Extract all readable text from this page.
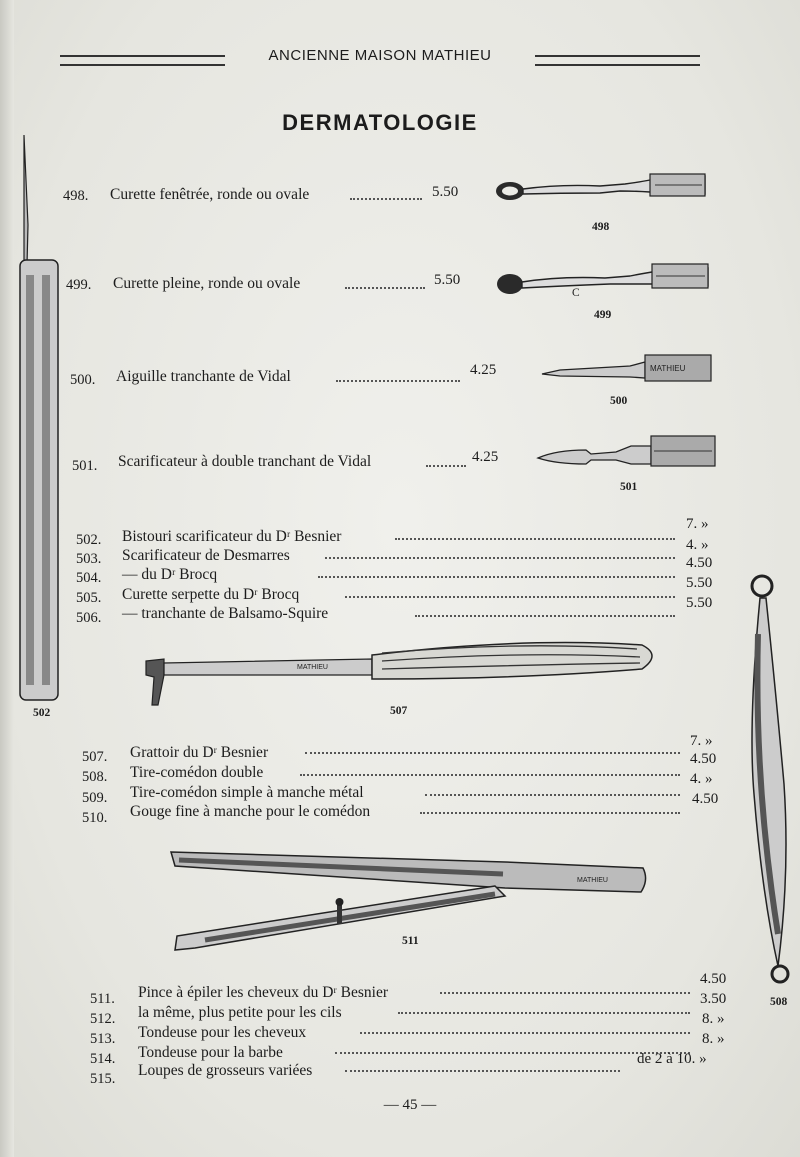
ANCIENNE MAISON MATHIEU
DERMATOLOGIE
498. Curette fenêtrée, ronde ou ovale	5.50
499. Curette pleine, ronde ou ovale	5.50
500. Aiguille tranchante de Vidal	4.25
501. Scarificateur à double tranchant de Vidal	4.25
498
C
499
MATHIEU
500
501
502
502. Bistouri scarificateur du Dʳ Besnier
7. »
503. Scarificateur de Desmarres
4. »
504. — du Dʳ Brocq
4.50
505. Curette serpette du Dʳ Brocq
5.50
506. — tranchante de Balsamo-Squire
5.50
MATHIEU
507
508
507. Grattoir du Dʳ Besnier
7. »
508. Tire-comédon double
4.50
509. Tire-comédon simple à manche métal
4. »
510. Gouge fine à manche pour le comédon
4.50
MATHIEU
511
511. Pince à épiler les cheveux du Dʳ Besnier
4.50
512. la même, plus petite pour les cils
3.50
513. Tondeuse pour les cheveux
8. »
514. Tondeuse pour la barbe
8. »
515. Loupes de grosseurs variées
de 2 à 10. »
— 45 —
